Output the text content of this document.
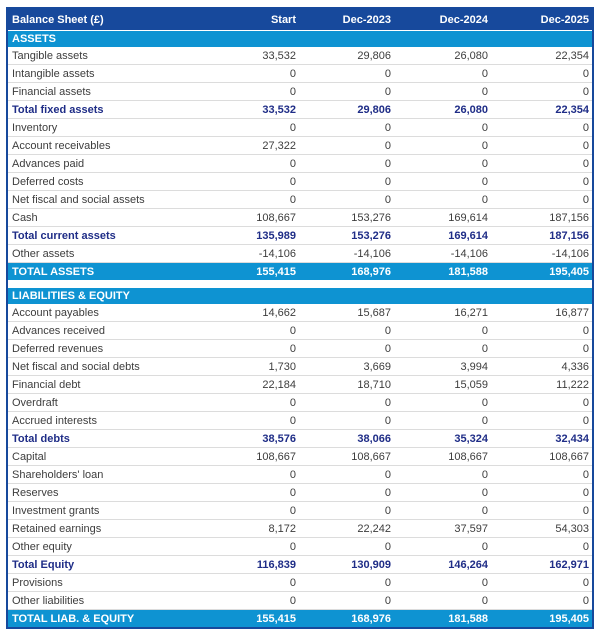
Balance Sheet (£)	Start	Dec-2023	Dec-2024	Dec-2025
ASSETS
Tangible assets	33,532	29,806	26,080	22,354
Intangible assets	0	0	0	0
Financial assets	0	0	0	0
Total fixed assets	33,532	29,806	26,080	22,354
Inventory	0	0	0	0
Account receivables	27,322	0	0	0
Advances paid	0	0	0	0
Deferred costs	0	0	0	0
Net fiscal and social assets	0	0	0	0
Cash	108,667	153,276	169,614	187,156
Total current assets	135,989	153,276	169,614	187,156
Other assets	-14,106	-14,106	-14,106	-14,106
TOTAL ASSETS	155,415	168,976	181,588	195,405
LIABILITIES & EQUITY
Account payables	14,662	15,687	16,271	16,877
Advances received	0	0	0	0
Deferred revenues	0	0	0	0
Net fiscal and social debts	1,730	3,669	3,994	4,336
Financial debt	22,184	18,710	15,059	11,222
Overdraft	0	0	0	0
Accrued interests	0	0	0	0
Total debts	38,576	38,066	35,324	32,434
Capital	108,667	108,667	108,667	108,667
Shareholders' loan	0	0	0	0
Reserves	0	0	0	0
Investment grants	0	0	0	0
Retained earnings	8,172	22,242	37,597	54,303
Other equity	0	0	0	0
Total Equity	116,839	130,909	146,264	162,971
Provisions	0	0	0	0
Other liabilities	0	0	0	0
TOTAL LIAB. & EQUITY	155,415	168,976	181,588	195,405
